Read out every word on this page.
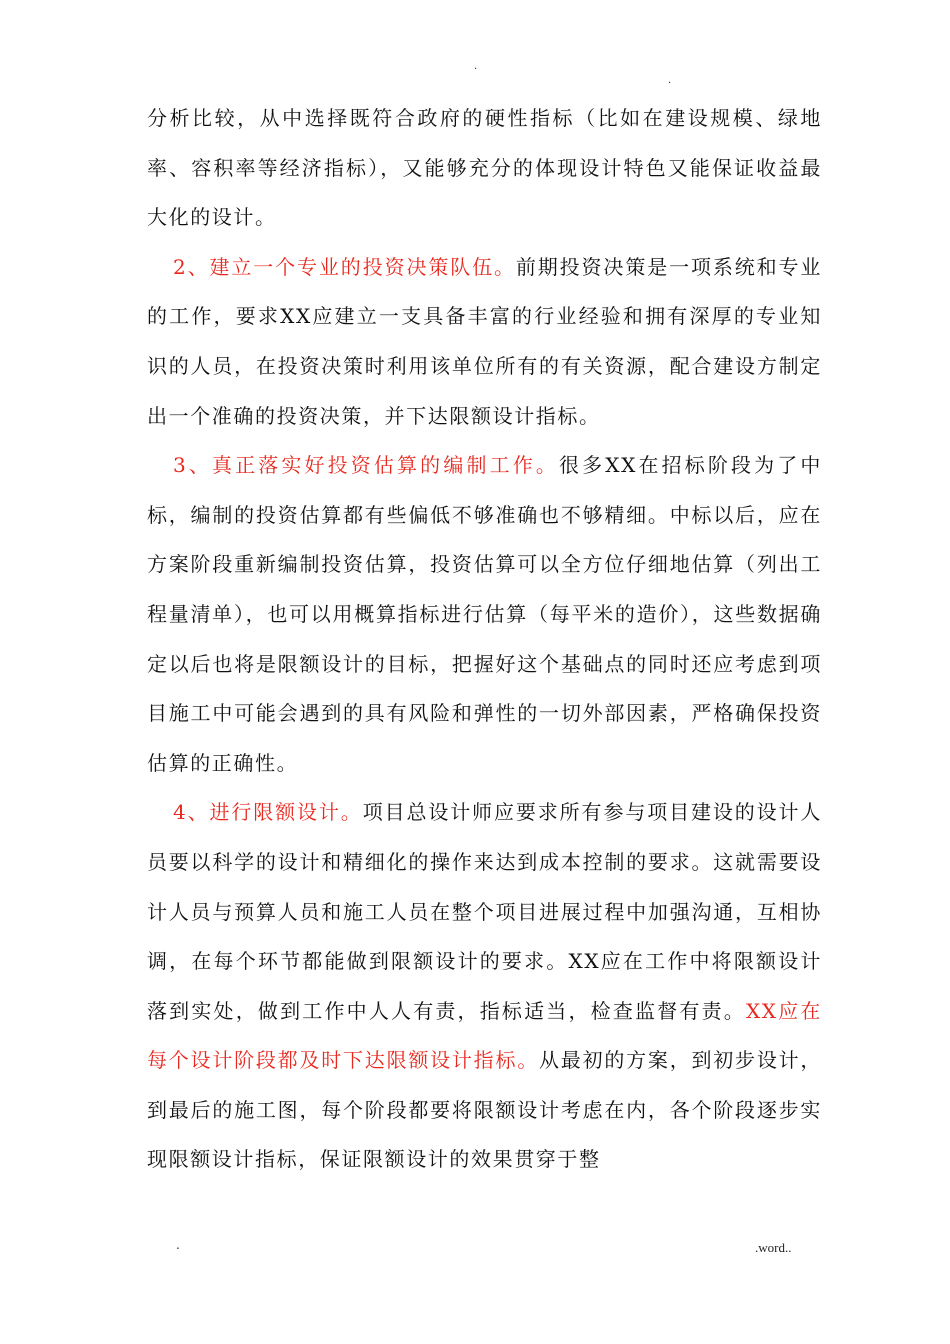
.
.

分析比较，从中选择既符合政府的硬性指标（比如在建设规模、绿地率、容积率等经济指标），又能够充分的体现设计特色又能保证收益最大化的设计。

2、建立一个专业的投资决策队伍。前期投资决策是一项系统和专业的工作，要求XX应建立一支具备丰富的行业经验和拥有深厚的专业知识的人员，在投资决策时利用该单位所有的有关资源，配合建设方制定出一个准确的投资决策，并下达限额设计指标。

3、真正落实好投资估算的编制工作。很多XX在招标阶段为了中标，编制的投资估算都有些偏低不够准确也不够精细。中标以后，应在方案阶段重新编制投资估算，投资估算可以全方位仔细地估算（列出工程量清单），也可以用概算指标进行估算（每平米的造价），这些数据确定以后也将是限额设计的目标，把握好这个基础点的同时还应考虑到项目施工中可能会遇到的具有风险和弹性的一切外部因素，严格确保投资估算的正确性。

4、进行限额设计。项目总设计师应要求所有参与项目建设的设计人员要以科学的设计和精细化的操作来达到成本控制的要求。这就需要设计人员与预算人员和施工人员在整个项目进展过程中加强沟通，互相协调，在每个环节都能做到限额设计的要求。XX应在工作中将限额设计落到实处，做到工作中人人有责，指标适当，检查监督有责。XX应在每个设计阶段都及时下达限额设计指标。从最初的方案，到初步设计，到最后的施工图，每个阶段都要将限额设计考虑在内，各个阶段逐步实现限额设计指标，保证限额设计的效果贯穿于整

.	.word..
